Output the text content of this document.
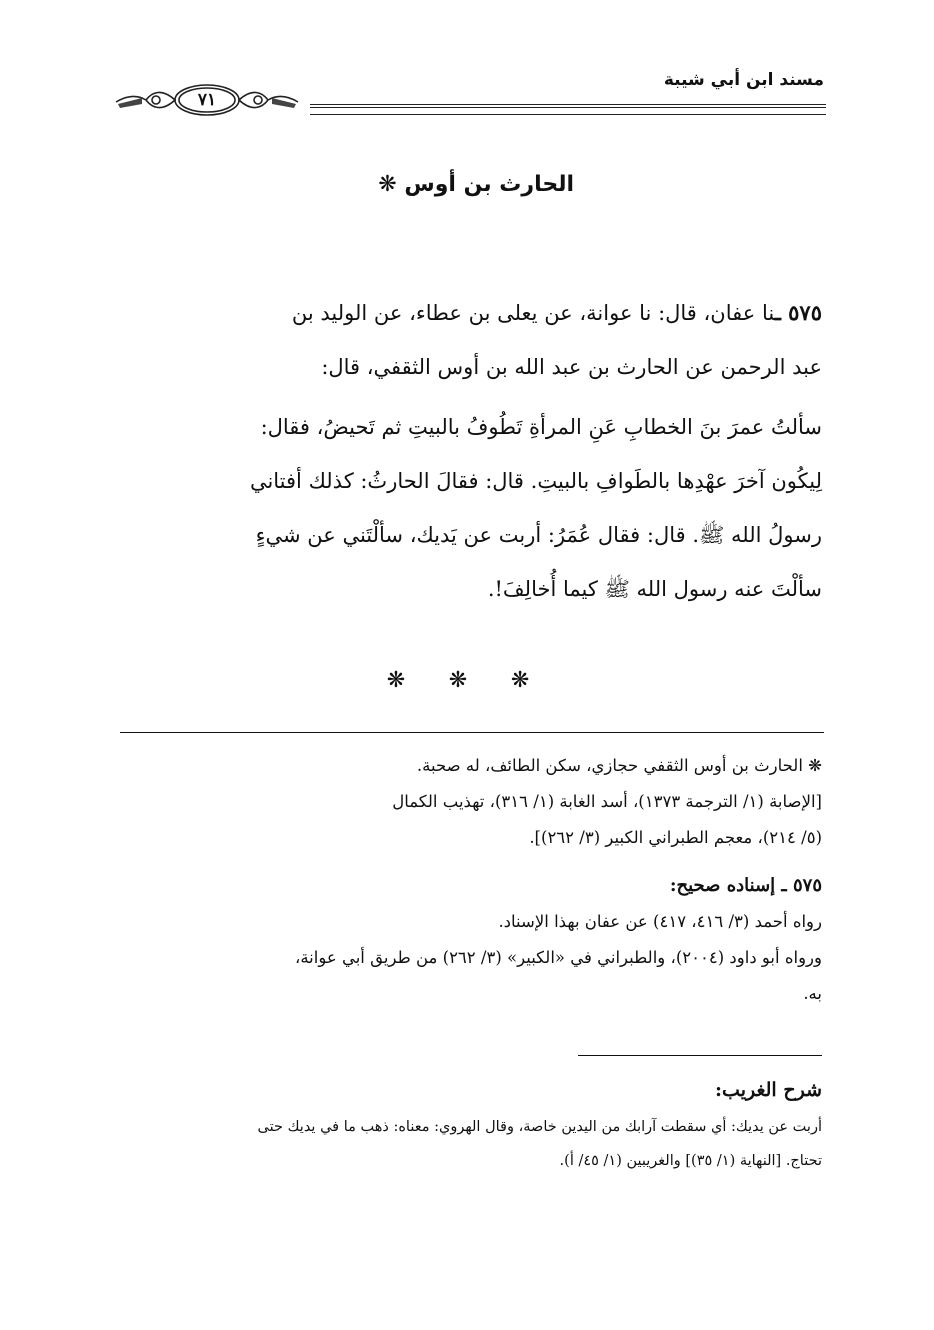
مسند ابن أبي شيبة
٧١
الحارث بن أوس ❋
٥٧٥ ـنا عفان، قال: نا عوانة، عن يعلى بن عطاء، عن الوليد بن
عبد الرحمن عن الحارث بن عبد الله بن أوس الثقفي، قال:
سألتُ عمرَ بنَ الخطابِ عَنِ المرأةِ تَطُوفُ بالبيتِ ثم تَحيضُ، فقال:
لِيكُون آخرَ عهْدِها بالطَوافِ بالبيتِ. قال: فقالَ الحارثُ: كذلك أفتاني
رسولُ الله ﷺ. قال: فقال عُمَرُ: أربت عن يَديك، سألْتَني عن شيءٍ
سألْتَ عنه رسول الله ﷺ كيما أُخالِفَ!.
❋ ❋ ❋
❋ الحارث بن أوس الثقفي حجازي، سكن الطائف، له صحبة.
[الإصابة (١/ الترجمة ١٣٧٣)، أسد الغابة (١/ ٣١٦)، تهذيب الكمال
(٥/ ٢١٤)، معجم الطبراني الكبير (٣/ ٢٦٢)].
٥٧٥ ـ إسناده صحيح:
رواه أحمد (٣/ ٤١٦، ٤١٧) عن عفان بهذا الإسناد.
ورواه أبو داود (٢٠٠٤)، والطبراني في «الكبير» (٣/ ٢٦٢) من طريق أبي عوانة،
به.
شرح الغريب:
أربت عن يديك: أي سقطت آرابك من اليدين خاصة، وقال الهروي: معناه: ذهب ما في يديك حتى
تحتاج. [النهاية (١/ ٣٥)] والغريبين (١/ ٤٥/ أ).
